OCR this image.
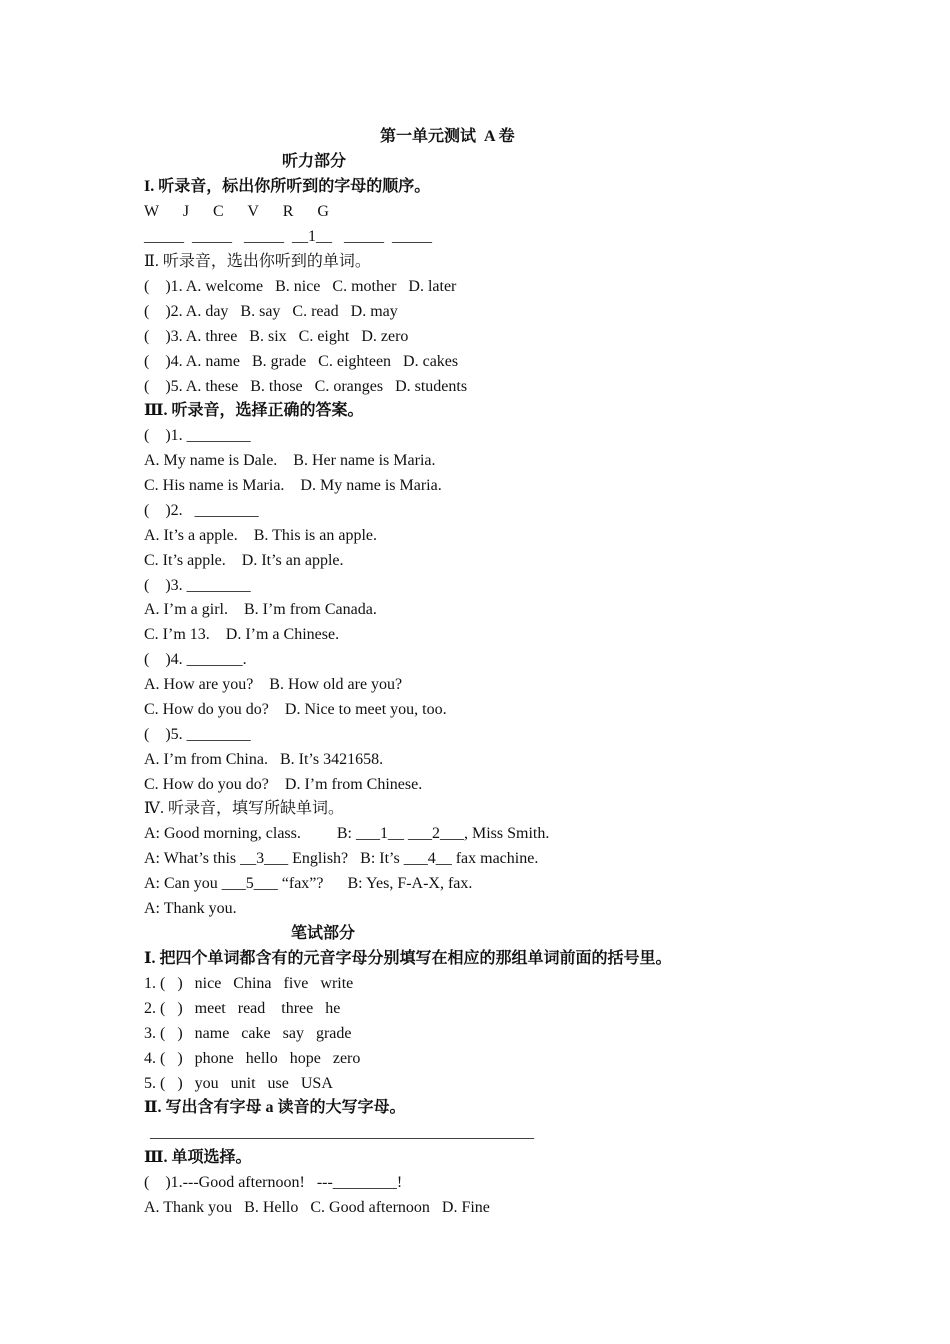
第一单元测试  A 卷
听力部分
I. 听录音，标出你所听到的字母的顺序。
W      J      C      V      R      G
_____  _____   _____  __1__   _____  _____
Ⅱ. 听录音，选出你听到的单词。
(    )1. A. welcome   B. nice   C. mother   D. later
(    )2. A. day   B. say   C. read   D. may
(    )3. A. three   B. six   C. eight   D. zero
(    )4. A. name   B. grade   C. eighteen   D. cakes
(    )5. A. these   B. those   C. oranges   D. students
Ⅲ. 听录音，选择正确的答案。
(    )1. ________
A. My name is Dale.    B. Her name is Maria.
C. His name is Maria.    D. My name is Maria.
(    )2.   ________
A. It’s a apple.    B. This is an apple.
C. It’s apple.    D. It’s an apple.
(    )3. ________
A. I’m a girl.    B. I’m from Canada.
C. I’m 13.    D. I’m a Chinese.
(    )4. _______.
A. How are you?    B. How old are you?
C. How do you do?    D. Nice to meet you, too.
(    )5. ________
A. I’m from China.   B. It’s 3421658.
C. How do you do?    D. I’m from Chinese.
Ⅳ. 听录音，填写所缺单词。
A: Good morning, class.         B: ___1__ ___2___, Miss Smith.
A: What’s this __3___ English?   B: It’s ___4__ fax machine.
A: Can you ___5___ “fax”?      B: Yes, F-A-X, fax.
A: Thank you.
笔试部分
Ⅰ. 把四个单词都含有的元音字母分别填写在相应的那组单词前面的括号里。
1. (   )   nice   China   five   write
2. (   )   meet   read    three   he
3. (   )   name   cake   say   grade
4. (   )   phone   hello   hope   zero
5. (   )   you   unit   use   USA
Ⅱ. 写出含有字母 a 读音的大写字母。
________________________________________________
Ⅲ. 单项选择。
(    )1.---Good afternoon!   ---________!
A. Thank you   B. Hello   C. Good afternoon   D. Fine
